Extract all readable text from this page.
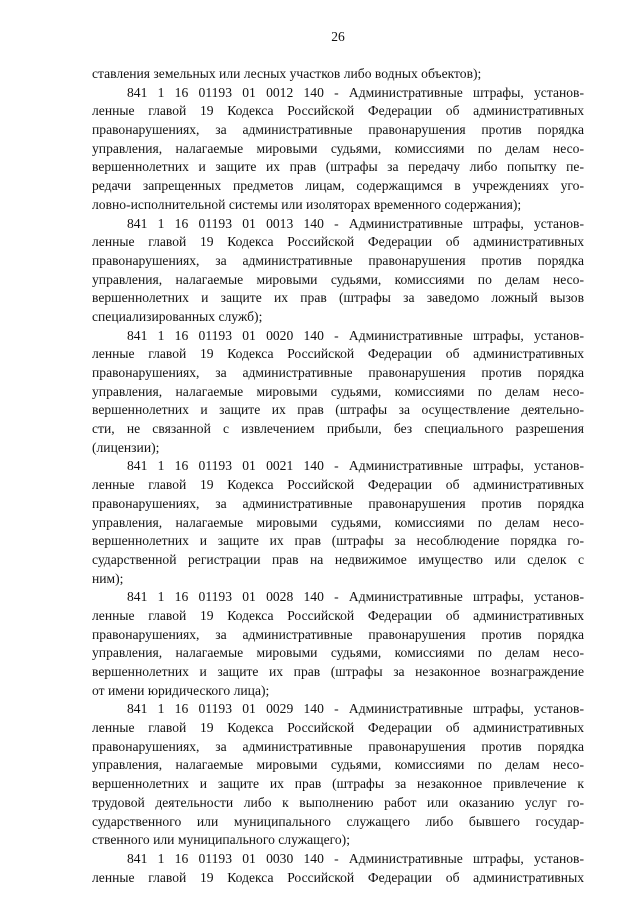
26
ставления земельных или лесных участков либо водных объектов);
841 1 16 01193 01 0012 140 - Административные штрафы, установ-
ленные главой 19 Кодекса Российской Федерации об административных
правонарушениях, за административные правонарушения против порядка
управления, налагаемые мировыми судьями, комиссиями по делам несо-
вершеннолетних и защите их прав (штрафы за передачу либо попытку пе-
редачи запрещенных предметов лицам, содержащимся в учреждениях уго-
ловно-исполнительной системы или изоляторах временного содержания);
841 1 16 01193 01 0013 140 - Административные штрафы, установ-
ленные главой 19 Кодекса Российской Федерации об административных
правонарушениях, за административные правонарушения против порядка
управления, налагаемые мировыми судьями, комиссиями по делам несо-
вершеннолетних и защите их прав (штрафы за заведомо ложный вызов
специализированных служб);
841 1 16 01193 01 0020 140 - Административные штрафы, установ-
ленные главой 19 Кодекса Российской Федерации об административных
правонарушениях, за административные правонарушения против порядка
управления, налагаемые мировыми судьями, комиссиями по делам несо-
вершеннолетних и защите их прав (штрафы за осуществление деятельно-
сти, не связанной с извлечением прибыли, без специального разрешения
(лицензии);
841 1 16 01193 01 0021 140 - Административные штрафы, установ-
ленные главой 19 Кодекса Российской Федерации об административных
правонарушениях, за административные правонарушения против порядка
управления, налагаемые мировыми судьями, комиссиями по делам несо-
вершеннолетних и защите их прав (штрафы за несоблюдение порядка го-
сударственной регистрации прав на недвижимое имущество или сделок с
ним);
841 1 16 01193 01 0028 140 - Административные штрафы, установ-
ленные главой 19 Кодекса Российской Федерации об административных
правонарушениях, за административные правонарушения против порядка
управления, налагаемые мировыми судьями, комиссиями по делам несо-
вершеннолетних и защите их прав (штрафы за незаконное вознаграждение
от имени юридического лица);
841 1 16 01193 01 0029 140 - Административные штрафы, установ-
ленные главой 19 Кодекса Российской Федерации об административных
правонарушениях, за административные правонарушения против порядка
управления, налагаемые мировыми судьями, комиссиями по делам несо-
вершеннолетних и защите их прав (штрафы за незаконное привлечение к
трудовой деятельности либо к выполнению работ или оказанию услуг го-
сударственного или муниципального служащего либо бывшего государ-
ственного или муниципального служащего);
841 1 16 01193 01 0030 140 - Административные штрафы, установ-
ленные главой 19 Кодекса Российской Федерации об административных
